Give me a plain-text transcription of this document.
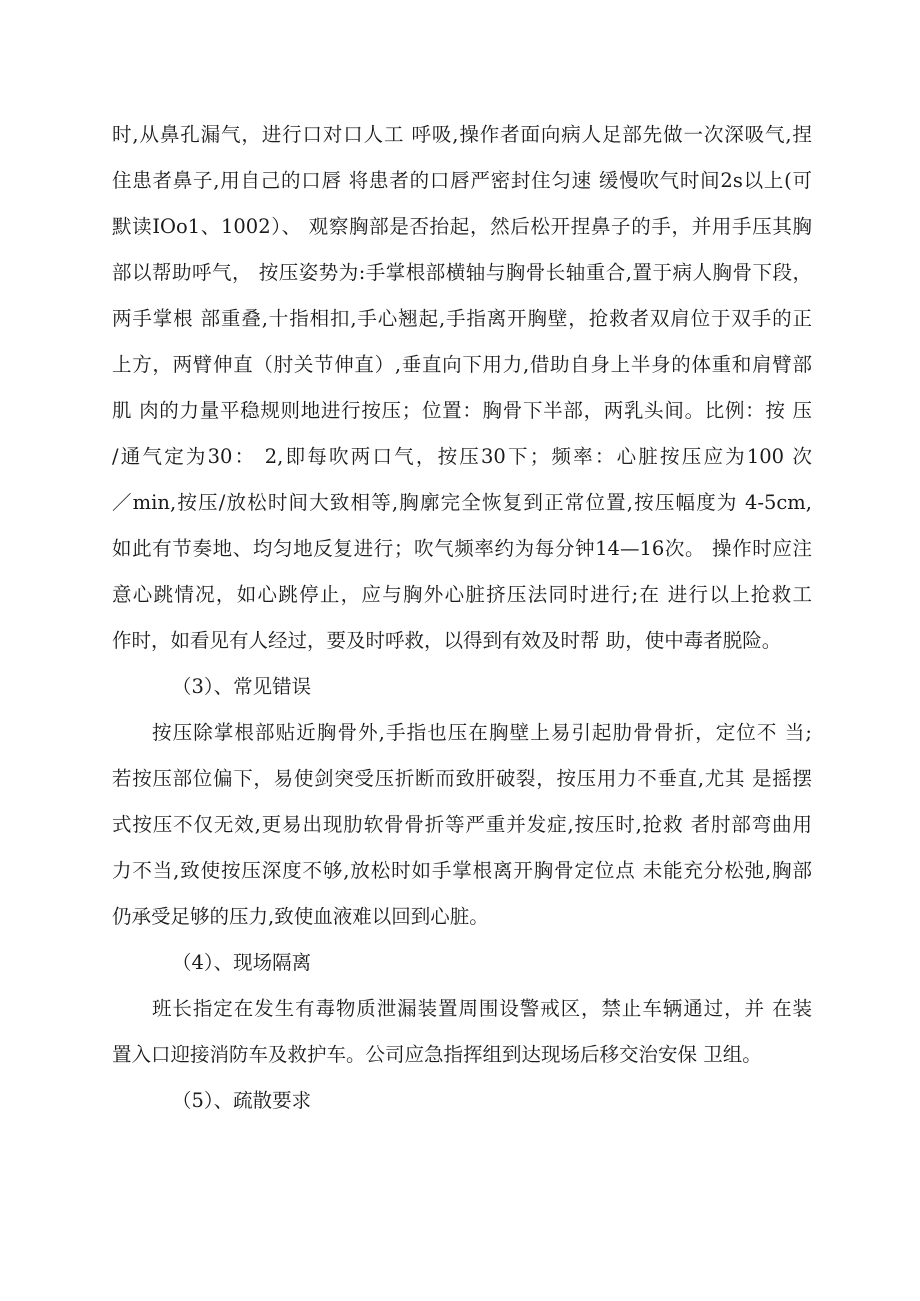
时,从鼻孔漏气，进行口对口人工 呼吸,操作者面向病人足部先做一次深吸气,捏
住患者鼻子,用自己的口唇 将患者的口唇严密封住匀速 缓慢吹气时间2s以上(可
默读IOo1、1002）、 观察胸部是否抬起，然后松开捏鼻子的手，并用手压其胸
部以帮助呼气， 按压姿势为:手掌根部横轴与胸骨长轴重合,置于病人胸骨下段，
两手掌根 部重叠,十指相扣,手心翘起,手指离开胸壁，抢救者双肩位于双手的正
上方，两臂伸直（肘关节伸直）,垂直向下用力,借助自身上半身的体重和肩臂部
肌 肉的力量平稳规则地进行按压；位置：胸骨下半部，两乳头间。比例：按 压
/通气定为30： 2,即每吹两口气，按压30下；频率：心脏按压应为100 次
／min,按压/放松时间大致相等,胸廓完全恢复到正常位置,按压幅度为 4-5cm,
如此有节奏地、均匀地反复进行；吹气频率约为每分钟14—16次。 操作时应注
意心跳情况，如心跳停止，应与胸外心脏挤压法同时进行;在 进行以上抢救工
作时，如看见有人经过，要及时呼救，以得到有效及时帮 助，使中毒者脱险。
（3）、常见错误
按压除掌根部贴近胸骨外,手指也压在胸壁上易引起肋骨骨折，定位不 当;
若按压部位偏下，易使剑突受压折断而致肝破裂，按压用力不垂直,尤其 是摇摆
式按压不仅无效,更易出现肋软骨骨折等严重并发症,按压时,抢救 者肘部弯曲用
力不当,致使按压深度不够,放松时如手掌根离开胸骨定位点 未能充分松弛,胸部
仍承受足够的压力,致使血液难以回到心脏。
（4）、现场隔离
班长指定在发生有毒物质泄漏装置周围设警戒区，禁止车辆通过，并 在装
置入口迎接消防车及救护车。公司应急指挥组到达现场后移交治安保 卫组。
（5）、疏散要求
